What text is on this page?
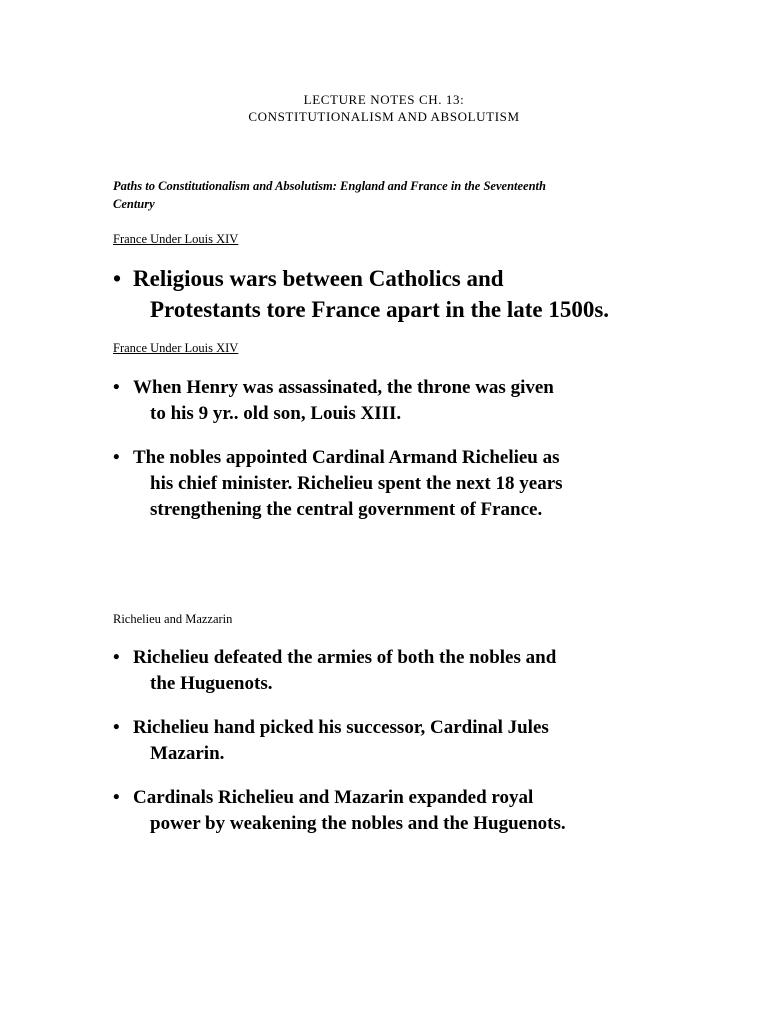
LECTURE NOTES CH. 13:
CONSTITUTIONALISM AND ABSOLUTISM
Paths to Constitutionalism and Absolutism: England and France in the Seventeenth
Century
France Under Louis XIV
• Religious wars between Catholics and
Protestants tore France apart in the late 1500s.
France Under Louis XIV
• When Henry was assassinated, the throne was given
to his 9 yr.. old son, Louis XIII.
• The nobles appointed Cardinal Armand Richelieu as
his chief minister. Richelieu spent the next 18 years
strengthening the central government of France.
Richelieu and Mazzarin
• Richelieu defeated the armies of both the nobles and
the Huguenots.
• Richelieu hand picked his successor, Cardinal Jules
Mazarin.
• Cardinals Richelieu and Mazarin expanded royal
power by weakening the nobles and the Huguenots.
